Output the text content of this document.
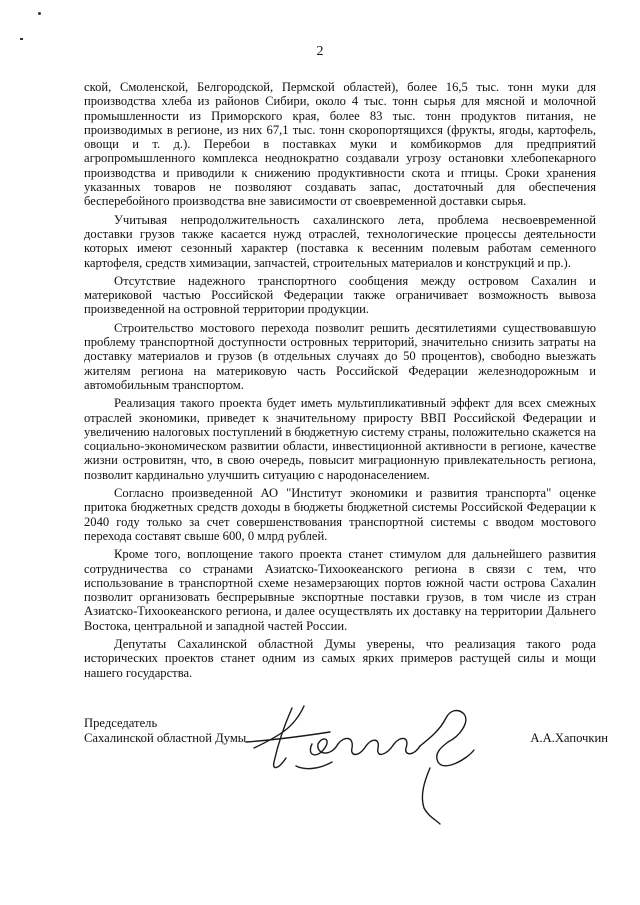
2

ской, Смоленской, Белгородской, Пермской областей), более 16,5 тыс. тонн муки для производства хлеба из районов Сибири, около 4 тыс. тонн сырья для мясной и молочной промышленности из Приморского края, более 83 тыс. тонн продуктов питания, не производимых в регионе, из них 67,1 тыс. тонн скоропортящихся (фрукты, ягоды, картофель, овощи и т. д.). Перебои в поставках муки и комбикормов для предприятий агропромышленного комплекса неоднократно создавали угрозу остановки хлебопекарного производства и приводили к снижению продуктивности скота и птицы. Сроки хранения указанных товаров не позволяют создавать запас, достаточный для обеспечения бесперебойного производства вне зависимости от своевременной доставки сырья.

Учитывая непродолжительность сахалинского лета, проблема несвоевременной доставки грузов также касается нужд отраслей, технологические процессы деятельности которых имеют сезонный характер (поставка к весенним полевым работам семенного картофеля, средств химизации, запчастей, строительных материалов и конструкций и пр.).

Отсутствие надежного транспортного сообщения между островом Сахалин и материковой частью Российской Федерации также ограничивает возможность вывоза произведенной на островной территории продукции.

Строительство мостового перехода позволит решить десятилетиями существовавшую проблему транспортной доступности островных территорий, значительно снизить затраты на доставку материалов и грузов (в отдельных случаях до 50 процентов), свободно выезжать жителям региона на материковую часть Российской Федерации железнодорожным и автомобильным транспортом.

Реализация такого проекта будет иметь мультипликативный эффект для всех смежных отраслей экономики, приведет к значительному приросту ВВП Российской Федерации и увеличению налоговых поступлений в бюджетную систему страны, положительно скажется на социально-экономическом развитии области, инвестиционной активности в регионе, качестве жизни островитян, что, в свою очередь, повысит миграционную привлекательность региона, позволит кардинально улучшить ситуацию с народонаселением.

Согласно произведенной АО "Институт экономики и развития транспорта" оценке притока бюджетных средств доходы в бюджеты бюджетной системы Российской Федерации к 2040 году только за счет совершенствования транспортной системы с вводом мостового перехода составят свыше 600, 0 млрд рублей.

Кроме того, воплощение такого проекта станет стимулом для дальнейшего развития сотрудничества со странами Азиатско-Тихоокеанского региона в связи с тем, что использование в транспортной схеме незамерзающих портов южной части острова Сахалин позволит организовать беспрерывные экспортные поставки грузов, в том числе из стран Азиатско-Тихоокеанского региона, и далее осуществлять их доставку на территории Дальнего Востока, центральной и западной частей России.

Депутаты Сахалинской областной Думы уверены, что реализация такого рода исторических проектов станет одним из самых ярких примеров растущей силы и мощи нашего государства.

Председатель
Сахалинской областной Думы	А.А.Хапочкин
